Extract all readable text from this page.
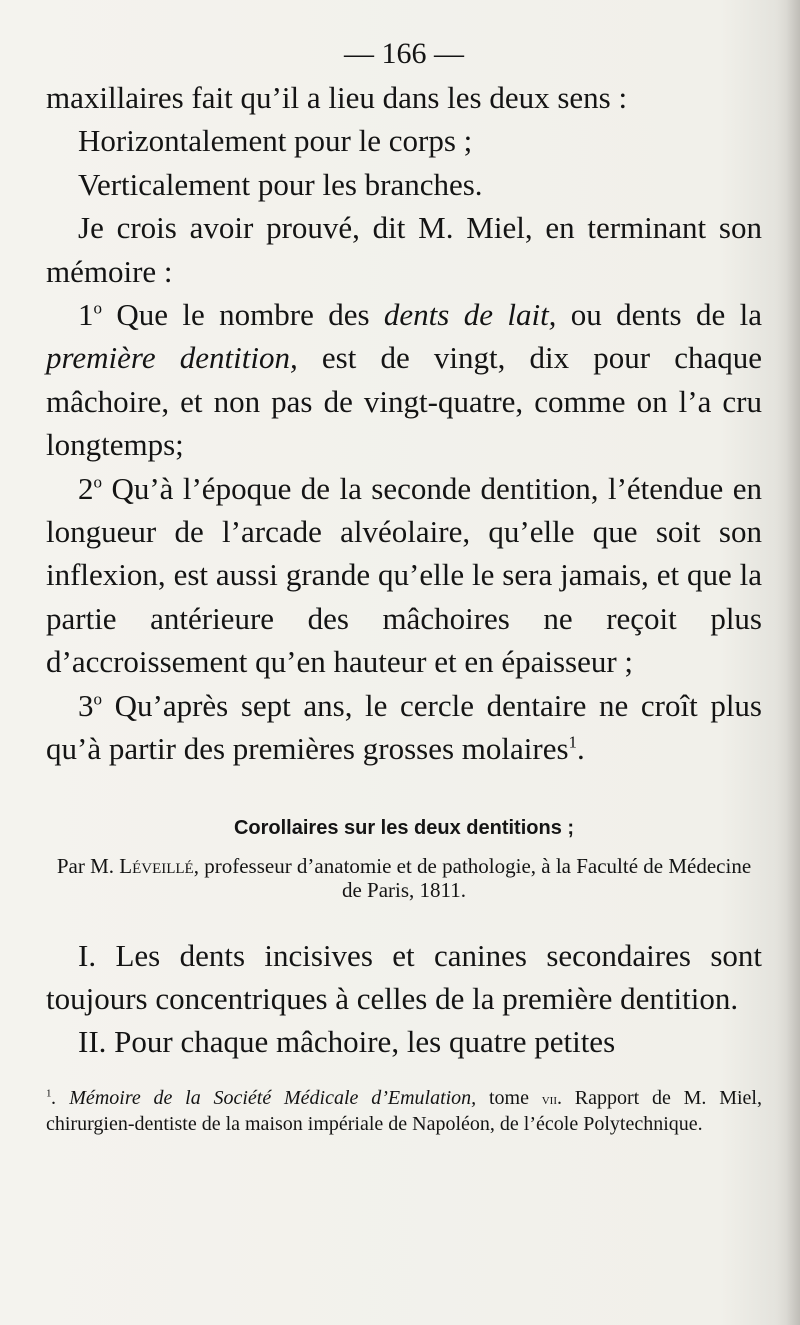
— 166 —

maxillaires fait qu’il a lieu dans les deux sens :

Horizontalement pour le corps ;

Verticalement pour les branches.

Je crois avoir prouvé, dit M. Miel, en terminant son mémoire :

1$^o$ Que le nombre des dents de lait, ou dents de la première dentition, est de vingt, dix pour chaque mâchoire, et non pas de vingt-quatre, comme on l’a cru longtemps;

2$^o$ Qu’à l’époque de la seconde dentition, l’étendue en longueur de l’arcade alvéolaire, qu’elle que soit son inflexion, est aussi grande qu’elle le sera jamais, et que la partie antérieure des mâchoires ne reçoit plus d’accroissement qu’en hauteur et en épaisseur ;

3$^o$ Qu’après sept ans, le cercle dentaire ne croît plus qu’à partir des premières grosses molaires$^1$.

Corollaires sur les deux dentitions ;
Par M. Léveillé, professeur d’anatomie et de pathologie, à la Faculté de Médecine de Paris, 1811.

I. Les dents incisives et canines secondaires sont toujours concentriques à celles de la première dentition.

II. Pour chaque mâchoire, les quatre petites

$^1$. Mémoire de la Société Médicale d’Emulation, tome vii. Rapport de M. Miel, chirurgien-dentiste de la maison impériale de Napoléon, de l’école Polytechnique.
